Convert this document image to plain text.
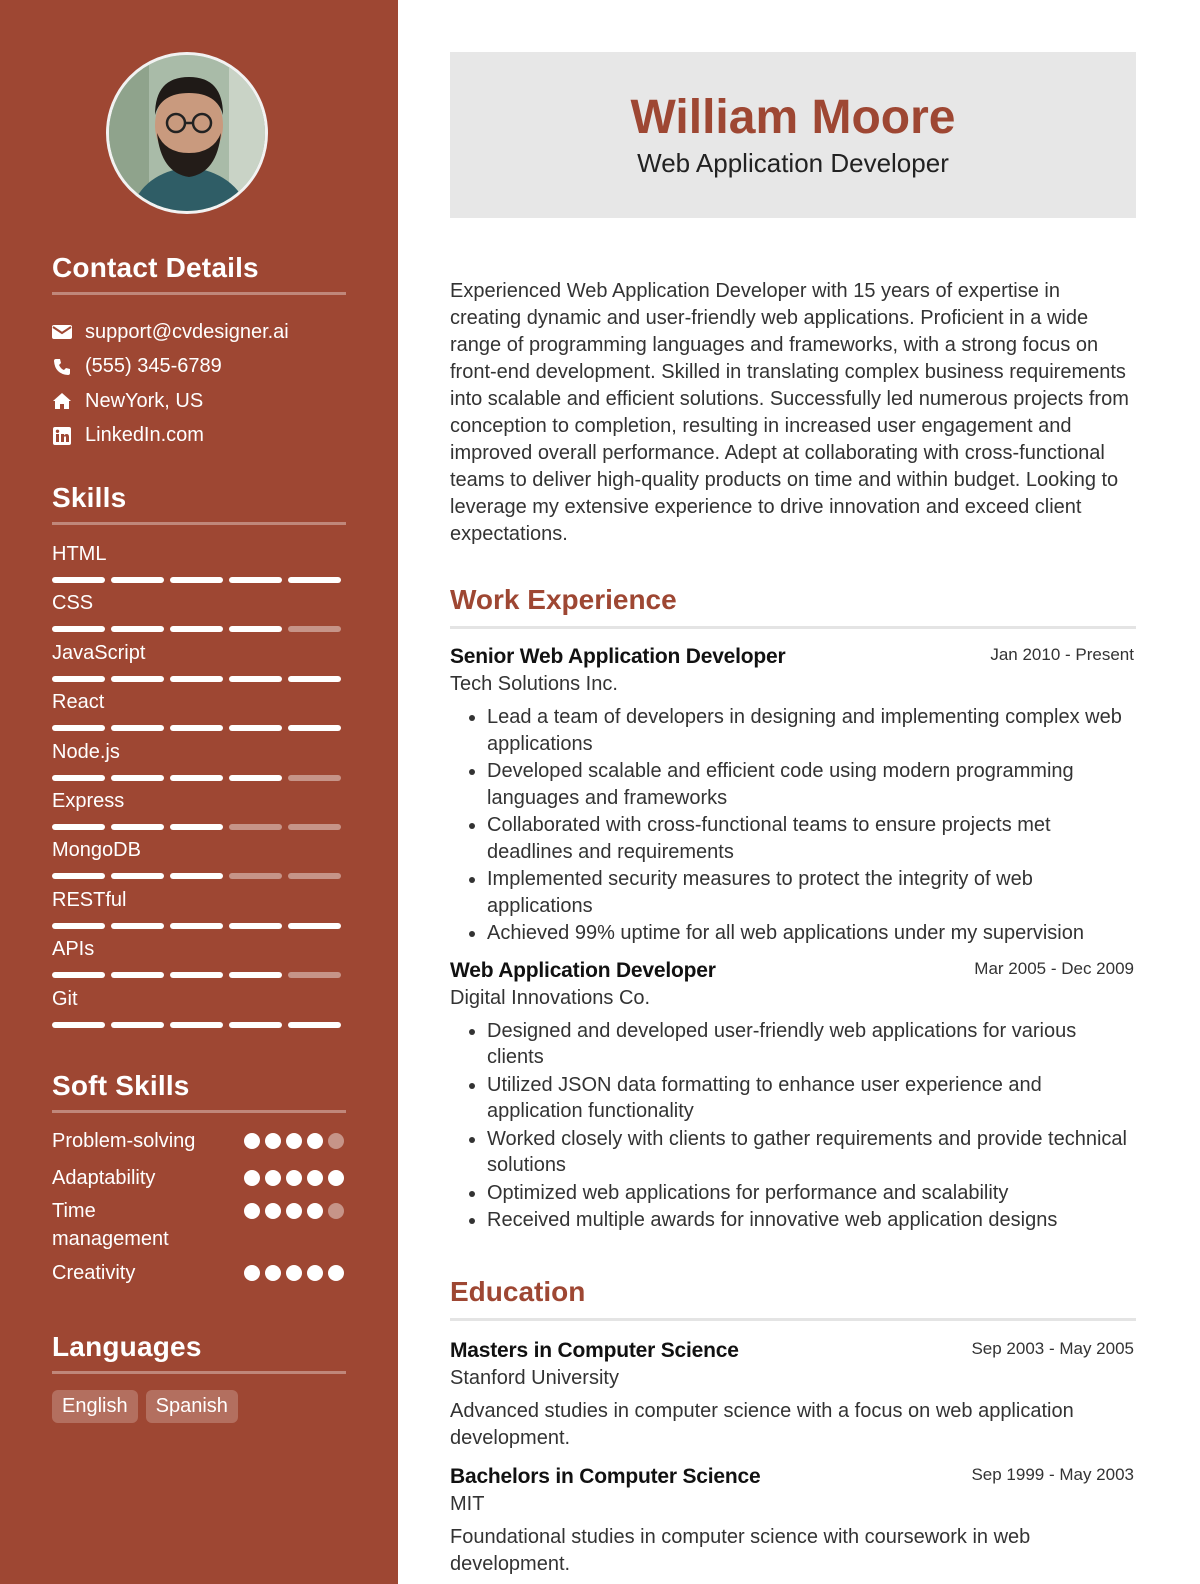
Contact Details
support@cvdesigner.ai
(555) 345-6789
NewYork, US
LinkedIn.com
Skills
HTML
CSS
JavaScript
React
Node.js
Express
MongoDB
RESTful
APIs
Git
Soft Skills
Problem-solving
Adaptability
Time management
Creativity
Languages
English	Spanish
William Moore
Web Application Developer

Experienced Web Application Developer with 15 years of expertise in creating dynamic and user-friendly web applications. Proficient in a wide range of programming languages and frameworks, with a strong focus on front-end development. Skilled in translating complex business requirements into scalable and efficient solutions. Successfully led numerous projects from conception to completion, resulting in increased user engagement and improved overall performance. Adept at collaborating with cross-functional teams to deliver high-quality products on time and within budget. Looking to leverage my extensive experience to drive innovation and exceed client expectations.

Work Experience
Senior Web Application Developer	Jan 2010 - Present
Tech Solutions Inc.
• Lead a team of developers in designing and implementing complex web applications
• Developed scalable and efficient code using modern programming languages and frameworks
• Collaborated with cross-functional teams to ensure projects met deadlines and requirements
• Implemented security measures to protect the integrity of web applications
• Achieved 99% uptime for all web applications under my supervision
Web Application Developer	Mar 2005 - Dec 2009
Digital Innovations Co.
• Designed and developed user-friendly web applications for various clients
• Utilized JSON data formatting to enhance user experience and application functionality
• Worked closely with clients to gather requirements and provide technical solutions
• Optimized web applications for performance and scalability
• Received multiple awards for innovative web application designs
Education
Masters in Computer Science	Sep 2003 - May 2005
Stanford University
Advanced studies in computer science with a focus on web application development.
Bachelors in Computer Science	Sep 1999 - May 2003
MIT
Foundational studies in computer science with coursework in web development.
